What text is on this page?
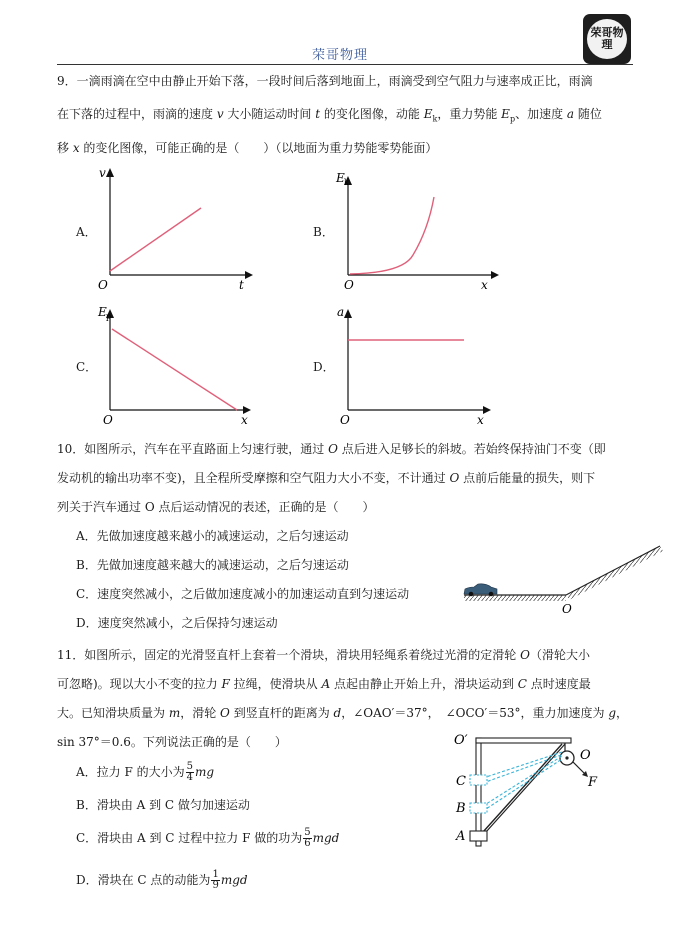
荣哥物理
荣哥物理
9．一滴雨滴在空中由静止开始下落，一段时间后落到地面上，雨滴受到空气阻力与速率成正比，雨滴
在下落的过程中，雨滴的速度 v 大小随运动时间 t 的变化图像，动能 $E_k$，重力势能 $E_p$、加速度 a 随位
移 x 的变化图像，可能正确的是（　　）（以地面为重力势能零势能面）
A．	B．
C．	D．
v
t
O
E k
x
O
E p
x
O
a
x
O
10．如图所示，汽车在平直路面上匀速行驶，通过 O 点后进入足够长的斜坡。若始终保持油门不变（即
发动机的输出功率不变)，且全程所受摩擦和空气阻力大小不变，不计通过 O 点前后能量的损失，则下
列关于汽车通过 O 点后运动情况的表述，正确的是（　　）
A．先做加速度越来越小的减速运动，之后匀速运动
B．先做加速度越来越大的减速运动，之后匀速运动
C．速度突然减小，之后做加速度减小的加速运动直到匀速运动
D．速度突然减小，之后保持匀速运动
O
11．如图所示，固定的光滑竖直杆上套着一个滑块，滑块用轻绳系着绕过光滑的定滑轮 O（滑轮大小
可忽略)。现以大小不变的拉力 F 拉绳，使滑块从 A 点起由静止开始上升，滑块运动到 C 点时速度最
大。已知滑块质量为 m，滑轮 O 到竖直杆的距离为 d，∠OAO′＝37°，　∠OCO′＝53°，重力加速度为 g，
sin 37°＝0.6。下列说法正确的是（　　）
A．拉力 F 的大小为 $\frac{5}{4}$ mg
B．滑块由 A 到 C 做匀加速运动
C．滑块由 A 到 C 过程中拉力 F 做的功为 $\frac{5}{6}$ mgd
D．滑块在 C 点的动能为 $\frac{1}{9}$ mgd
O′
O
C
B
A
F
